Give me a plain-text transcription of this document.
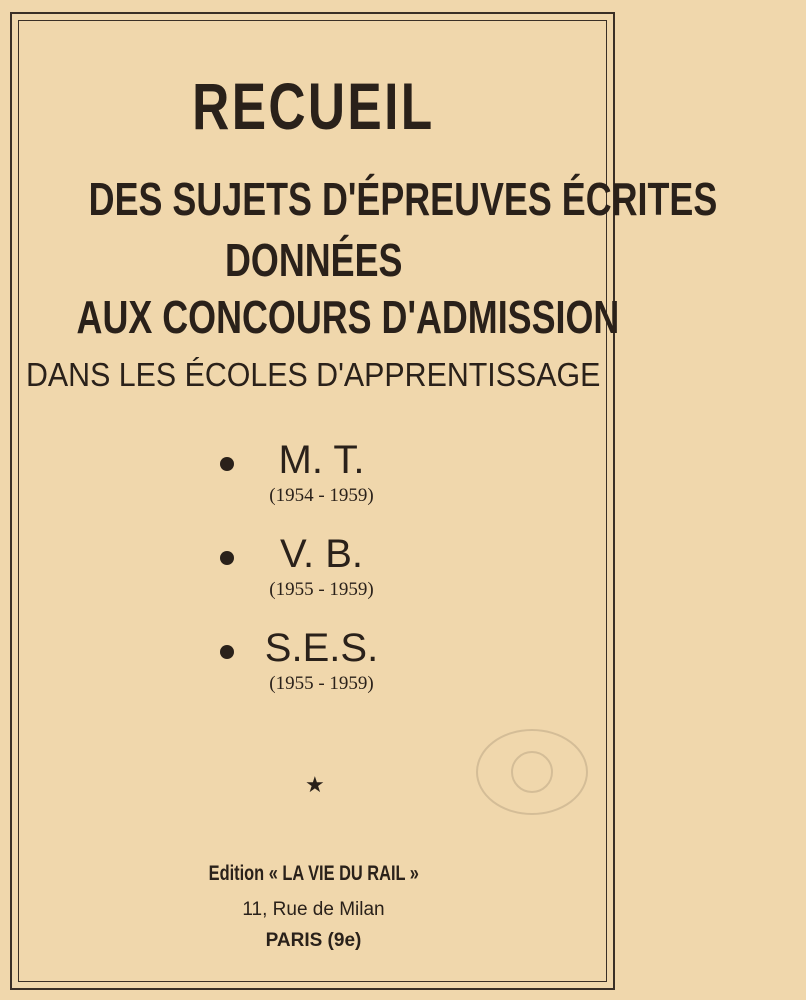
RECUEIL
DES SUJETS D'ÉPREUVES ÉCRITES
DONNÉES
AUX CONCOURS D'ADMISSION
DANS LES ÉCOLES D'APPRENTISSAGE
M. T.
(1954 - 1959)
V. B.
(1955 - 1959)
S.E.S.
(1955 - 1959)
★
Edition « LA VIE DU RAIL »
11, Rue de Milan
PARIS (9e)
